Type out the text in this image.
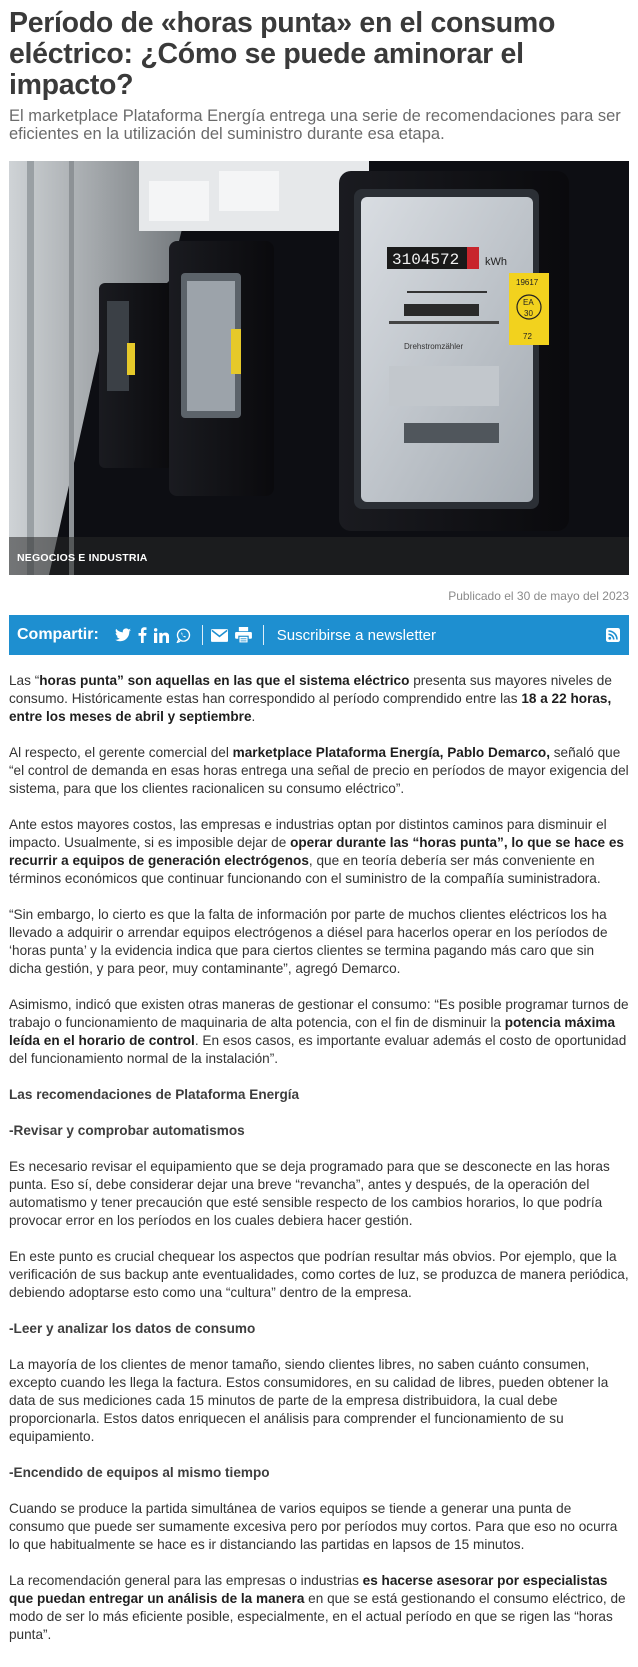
Período de «horas punta» en el consumo eléctrico: ¿Cómo se puede aminorar el impacto?
El marketplace Plataforma Energía entrega una serie de recomendaciones para ser eficientes en la utilización del suministro durante esa etapa.
3104572 kWh
Drehstromzähler
19617
EA
30
72
NEGOCIOS E INDUSTRIA
Publicado el 30 de mayo del 2023
Compartir:	Suscribirse a newsletter

Las “horas punta” son aquellas en las que el sistema eléctrico presenta sus mayores niveles de consumo. Históricamente estas han correspondido al período comprendido entre las 18 a 22 horas, entre los meses de abril y septiembre.

Al respecto, el gerente comercial del marketplace Plataforma Energía, Pablo Demarco, señaló que “el control de demanda en esas horas entrega una señal de precio en períodos de mayor exigencia del sistema, para que los clientes racionalicen su consumo eléctrico”.

Ante estos mayores costos, las empresas e industrias optan por distintos caminos para disminuir el impacto. Usualmente, si es imposible dejar de operar durante las “horas punta”, lo que se hace es recurrir a equipos de generación electrógenos, que en teoría debería ser más conveniente en términos económicos que continuar funcionando con el suministro de la compañía suministradora.

“Sin embargo, lo cierto es que la falta de información por parte de muchos clientes eléctricos los ha llevado a adquirir o arrendar equipos electrógenos a diésel para hacerlos operar en los períodos de ‘horas punta’ y la evidencia indica que para ciertos clientes se termina pagando más caro que sin dicha gestión, y para peor, muy contaminante”, agregó Demarco.

Asimismo, indicó que existen otras maneras de gestionar el consumo: “Es posible programar turnos de trabajo o funcionamiento de maquinaria de alta potencia, con el fin de disminuir la potencia máxima leída en el horario de control. En esos casos, es importante evaluar además el costo de oportunidad del funcionamiento normal de la instalación”.

Las recomendaciones de Plataforma Energía

-Revisar y comprobar automatismos

Es necesario revisar el equipamiento que se deja programado para que se desconecte en las horas punta. Eso sí, debe considerar dejar una breve “revancha”, antes y después, de la operación del automatismo y tener precaución que esté sensible respecto de los cambios horarios, lo que podría provocar error en los períodos en los cuales debiera hacer gestión.

En este punto es crucial chequear los aspectos que podrían resultar más obvios. Por ejemplo, que la verificación de sus backup ante eventualidades, como cortes de luz, se produzca de manera periódica, debiendo adoptarse esto como una “cultura” dentro de la empresa.

-Leer y analizar los datos de consumo

La mayoría de los clientes de menor tamaño, siendo clientes libres, no saben cuánto consumen, excepto cuando les llega la factura. Estos consumidores, en su calidad de libres, pueden obtener la data de sus mediciones cada 15 minutos de parte de la empresa distribuidora, la cual debe proporcionarla. Estos datos enriquecen el análisis para comprender el funcionamiento de su equipamiento.

-Encendido de equipos al mismo tiempo

Cuando se produce la partida simultánea de varios equipos se tiende a generar una punta de consumo que puede ser sumamente excesiva pero por períodos muy cortos. Para que eso no ocurra lo que habitualmente se hace es ir distanciando las partidas en lapsos de 15 minutos.

La recomendación general para las empresas o industrias es hacerse asesorar por especialistas que puedan entregar un análisis de la manera en que se está gestionando el consumo eléctrico, de modo de ser lo más eficiente posible, especialmente, en el actual período en que se rigen las “horas punta”.
